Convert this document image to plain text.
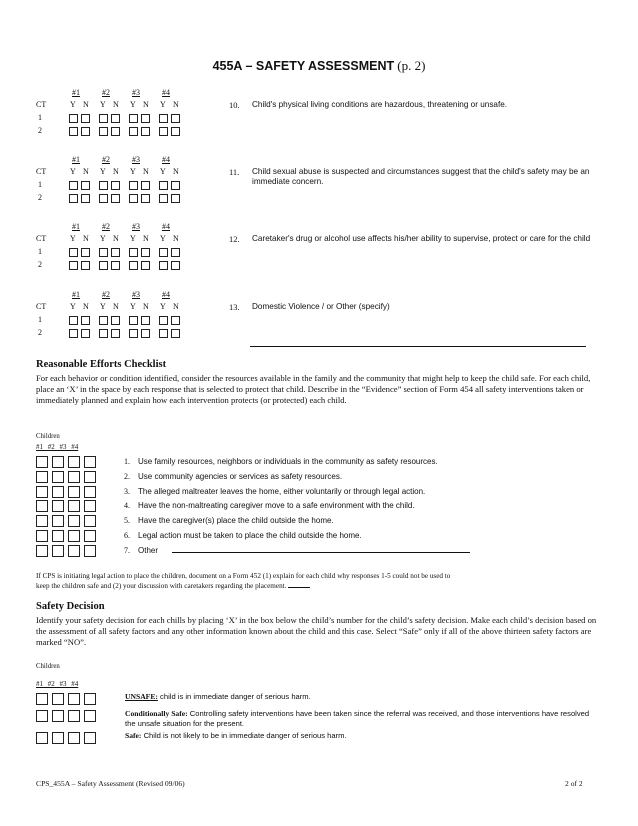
455A – SAFETY ASSESSMENT (p. 2)
#1
Y N
#2
Y N
#3
Y N
#4
Y N
CT
1
2
10. Child's physical living conditions are hazardous, threatening or unsafe.
#1
Y N
#2
Y N
#3
Y N
#4
Y N
CT
1
2
11. Child sexual abuse is suspected and circumstances suggest that the child's safety may be an immediate concern.
#1
Y N
#2
Y N
#3
Y N
#4
Y N
CT
1
2
12. Caretaker's drug or alcohol use affects his/her ability to supervise, protect or care for the child
#1
Y N
#2
Y N
#3
Y N
#4
Y N
CT
1
2
13. Domestic Violence / or Other (specify)
Reasonable Efforts Checklist
For each behavior or condition identified, consider the resources available in the family and the community that might help to keep the child safe. For each child, place an ‘X’ in the space by each response that is selected to protect that child. Describe in the “Evidence” section of Form 454 all safety interventions taken or immediately planned and explain how each intervention protects (or protected) each child.
Children
#1 #2 #3 #4
1. Use family resources, neighbors or individuals in the community as safety resources.
2. Use community agencies or services as safety resources.
3. The alleged maltreater leaves the home, either voluntarily or through legal action.
4. Have the non-maltreating caregiver move to a safe environment with the child.
5. Have the caregiver(s) place the child outside the home.
6. Legal action must be taken to place the child outside the home.
7. Other
If CPS is initiating legal action to place the children, document on a Form 452 (1) explain for each child why responses 1-5 could not be used to
keep the children safe and (2) your discussion with caretakers regarding the placement.
Safety Decision
Identify your safety decision for each chills by placing ‘X’ in the box below the child’s number for the child’s safety decision. Make each child’s decision based on the assessment of all safety factors and any other information known about the child and this case. Select “Safe” only if all of the above thirteen safety factors are marked “NO”.
Children
#1 #2 #3 #4
UNSAFE: child is in immediate danger of serious harm.
Conditionally Safe: Controlling safety interventions have been taken since the referral was received, and those interventions have resolved the unsafe situation for the present.
Safe: Child is not likely to be in immediate danger of serious harm.
CPS_455A – Safety Assessment (Revised 09/06)	2 of 2
